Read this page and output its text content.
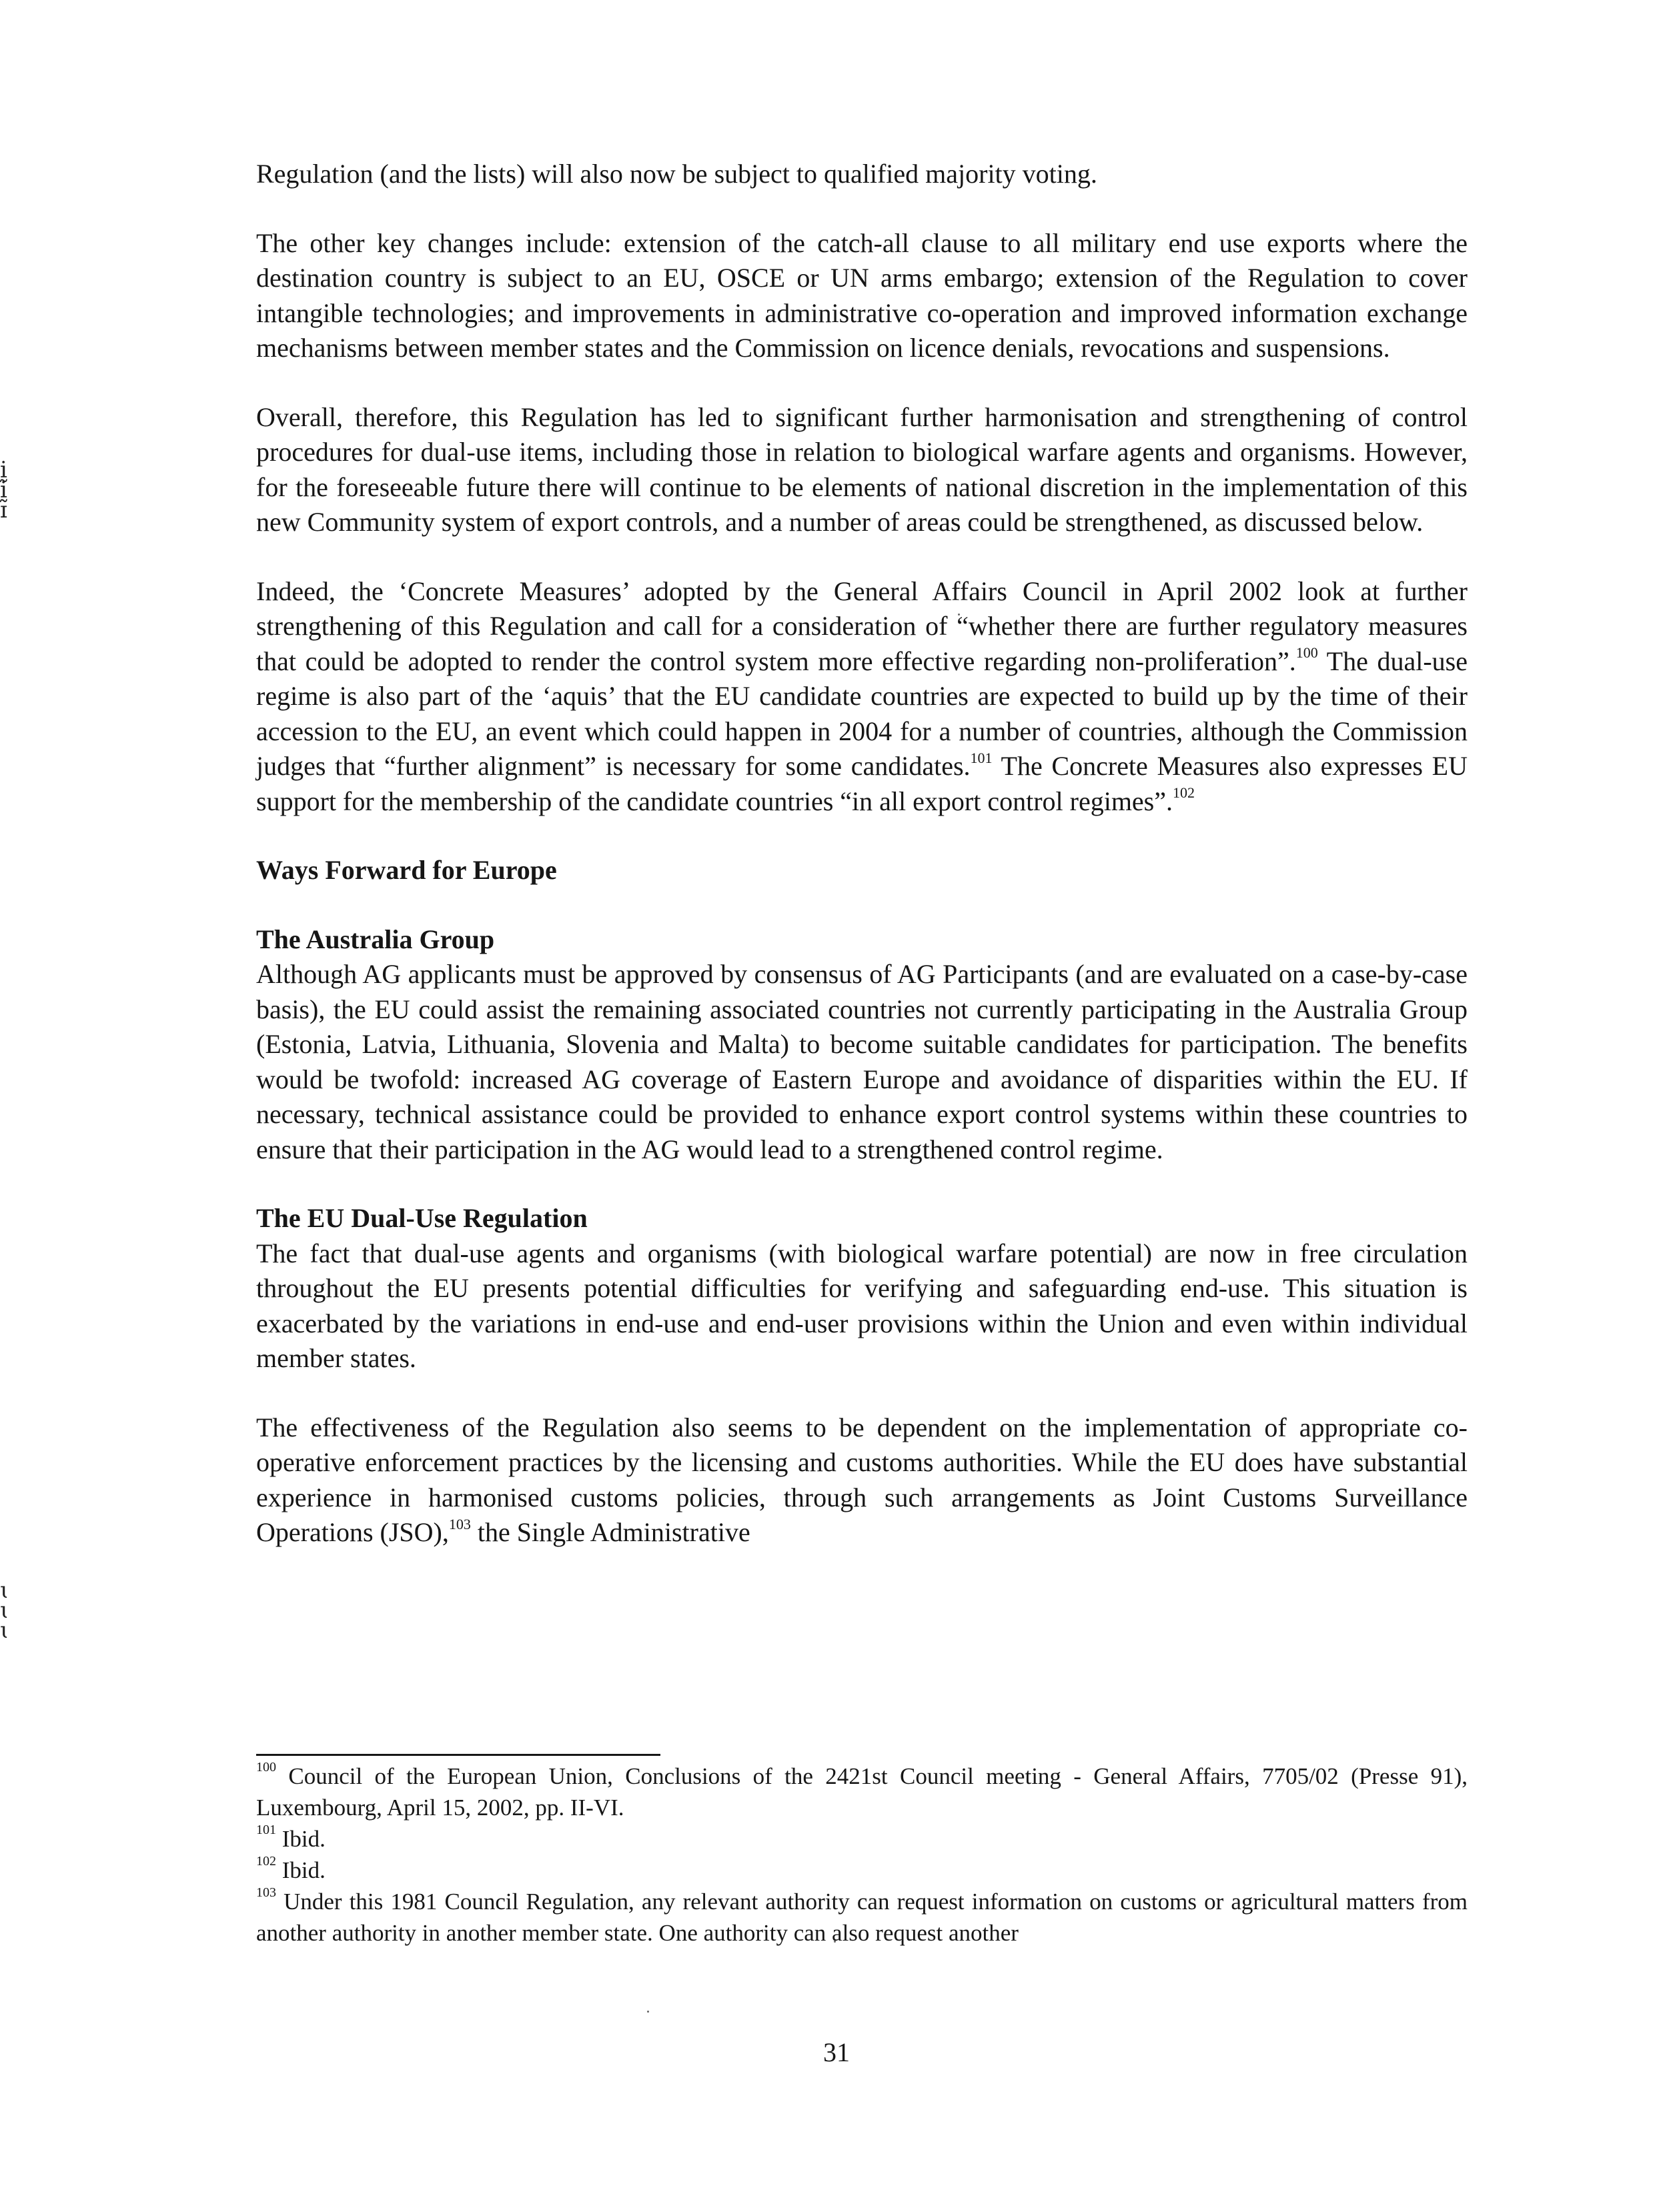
ḭ
ḭ
ɪ
ɩ
ɩ
ɩ

Regulation (and the lists) will also now be subject to qualified majority voting.

The other key changes include: extension of the catch-all clause to all military end use exports where the destination country is subject to an EU, OSCE or UN arms embargo; extension of the Regulation to cover intangible technologies; and improvements in administrative co-operation and improved information exchange mechanisms between member states and the Commission on licence denials, revocations and suspensions.

Overall, therefore, this Regulation has led to significant further harmonisation and strengthening of control procedures for dual-use items, including those in relation to biological warfare agents and organisms. However, for the foreseeable future there will continue to be elements of national discretion in the implementation of this new Community system of export controls, and a number of areas could be strengthened, as discussed below.

Indeed, the ‘Concrete Measures’ adopted by the General Affairs Council in April 2002 look at further strengthening of this Regulation and call for a consideration of “whether there are further regulatory measures that could be adopted to render the control system more effective regarding non-proliferation”.$^{100}$ The dual-use regime is also part of the ‘aquis’ that the EU candidate countries are expected to build up by the time of their accession to the EU, an event which could happen in 2004 for a number of countries, although the Commission judges that “further alignment” is necessary for some candidates.$^{101}$ The Concrete Measures also expresses EU support for the membership of the candidate countries “in all export control regimes”.$^{102}$

Ways Forward for Europe

The Australia Group

Although AG applicants must be approved by consensus of AG Participants (and are evaluated on a case-by-case basis), the EU could assist the remaining associated countries not currently participating in the Australia Group (Estonia, Latvia, Lithuania, Slovenia and Malta) to become suitable candidates for participation. The benefits would be twofold: increased AG coverage of Eastern Europe and avoidance of disparities within the EU. If necessary, technical assistance could be provided to enhance export control systems within these countries to ensure that their participation in the AG would lead to a strengthened control regime.

The EU Dual-Use Regulation

The fact that dual-use agents and organisms (with biological warfare potential) are now in free circulation throughout the EU presents potential difficulties for verifying and safeguarding end-use. This situation is exacerbated by the variations in end-use and end-user provisions within the Union and even within individual member states.

The effectiveness of the Regulation also seems to be dependent on the implementation of appropriate co-operative enforcement practices by the licensing and customs authorities. While the EU does have substantial experience in harmonised customs policies, through such arrangements as Joint Customs Surveillance Operations (JSO),$^{103}$ the Single Administrative

$^{100}$ Council of the European Union, Conclusions of the 2421st Council meeting - General Affairs, 7705/02 (Presse 91), Luxembourg, April 15, 2002, pp. II-VI.

$^{101}$ Ibid.

$^{102}$ Ibid.

$^{103}$ Under this 1981 Council Regulation, any relevant authority can request information on customs or agricultural matters from another authority in another member state. One authority can also request another

31
